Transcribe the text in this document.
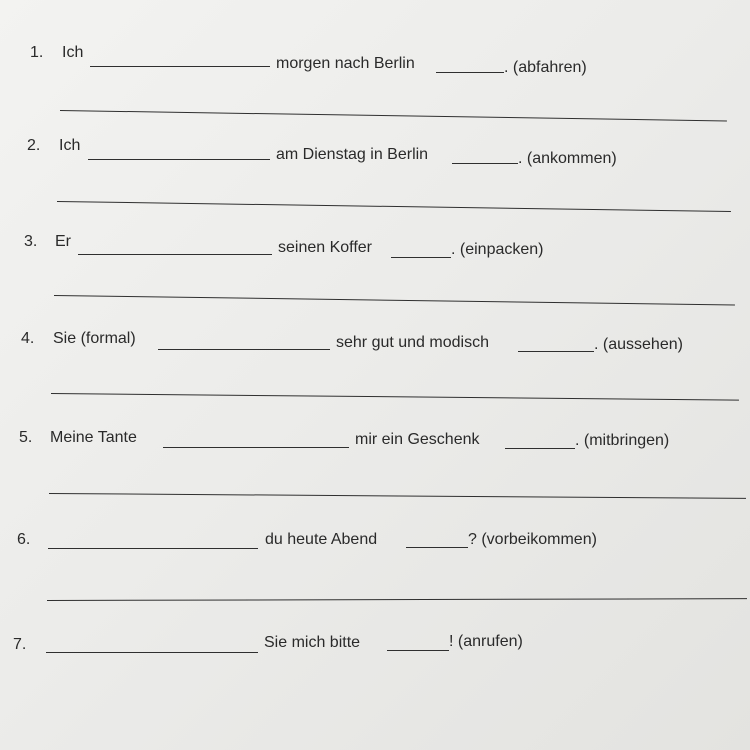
1. Ich
morgen nach Berlin	. (abfahren)
2. Ich
am Dienstag in Berlin	. (ankommen)
3. Er	seinen Koffer	. (einpacken)
4. Sie (formal)	sehr gut und modisch	. (aussehen)
5. Meine Tante	mir ein Geschenk	. (mitbringen)
6.	du heute Abend	? (vorbeikommen)
7.	Sie mich bitte	! (anrufen)
